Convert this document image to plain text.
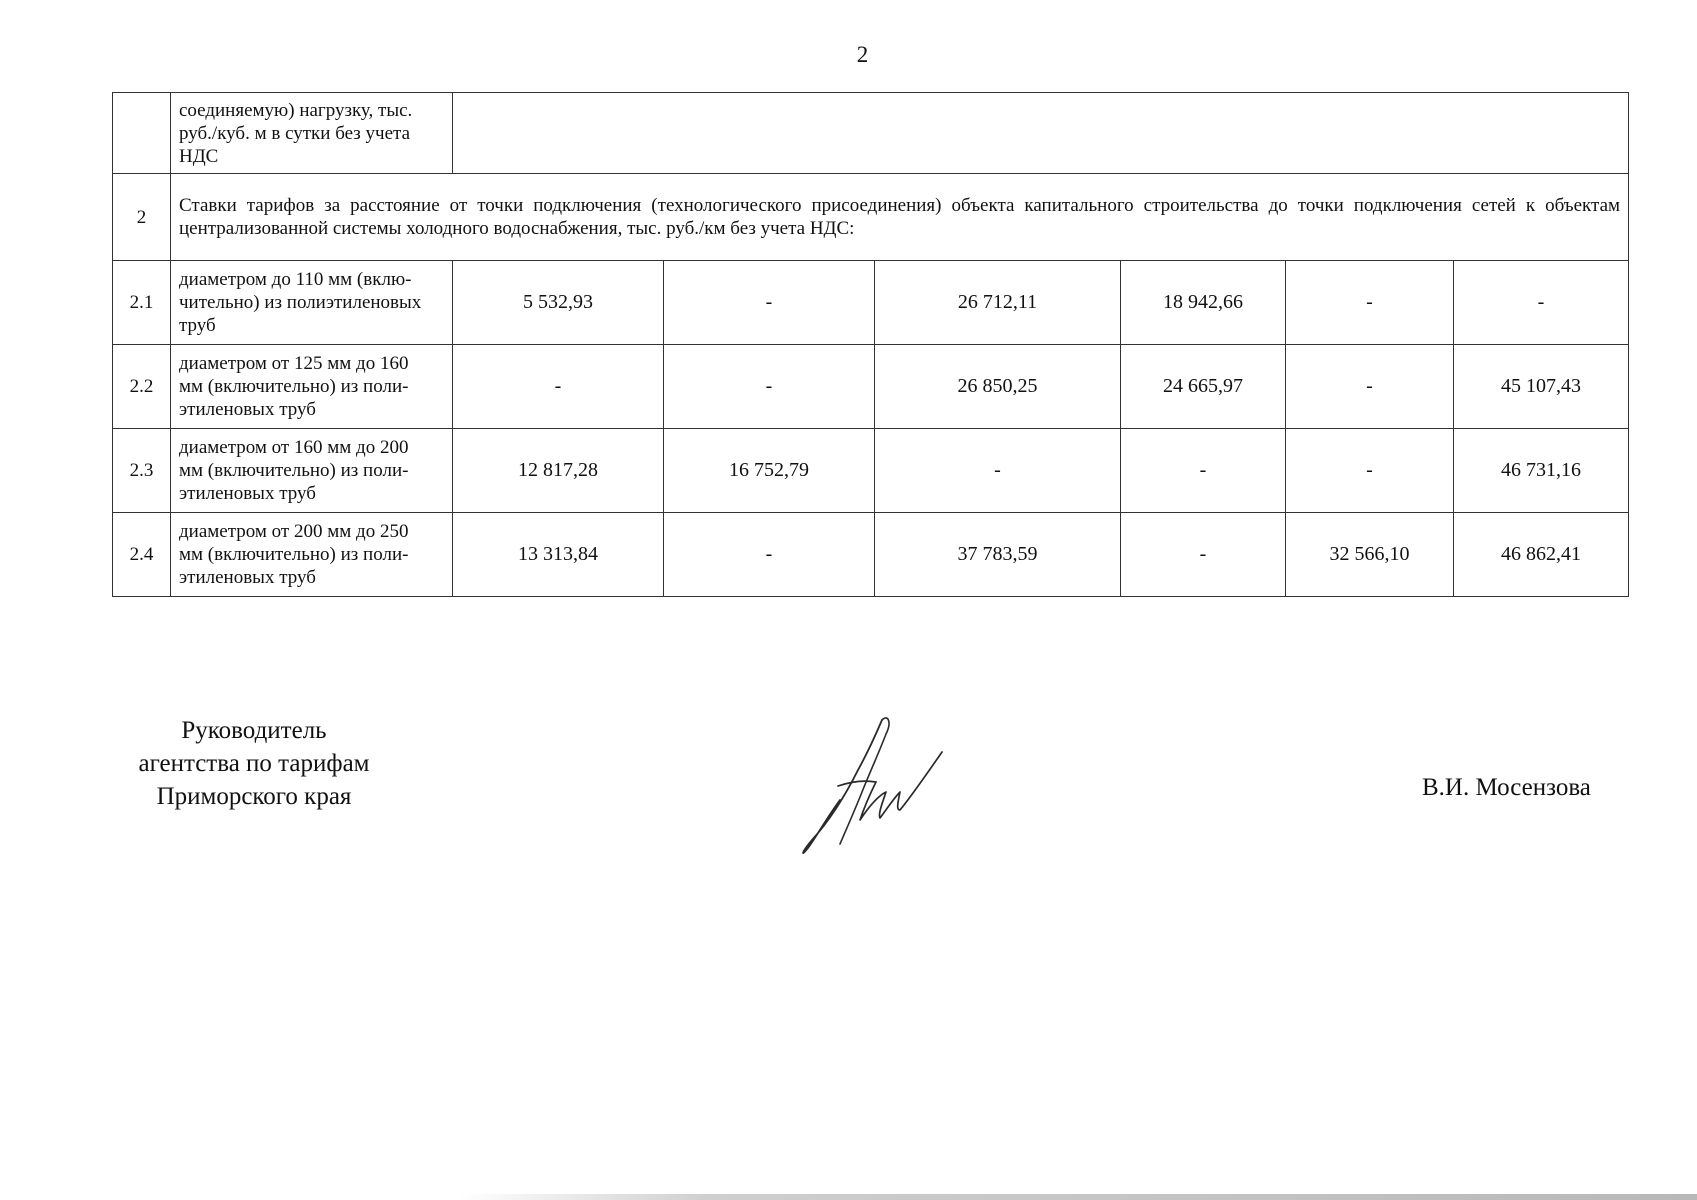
2

	соединяемую) нагрузку, тыс.
руб./куб. м в сутки без учета
НДС						

2	Ставки тарифов за расстояние от точки подключения (технологического присоединения) объекта капитального строительства до точки подключения сетей к объектам централизованной системы холодного водоснабжения, тыс. руб./км без учета НДС:						
2.1	диаметром до 110 мм (вклю-
чительно) из полиэтиленовых
труб	5 532,93	-	26 712,11	18 942,66	-	-
2.2	диаметром от 125 мм до 160
мм (включительно) из поли-
этиленовых труб	-	-	26 850,25	24 665,97	-	45 107,43
2.3	диаметром от 160 мм до 200
мм (включительно) из поли-
этиленовых труб	12 817,28	16 752,79	-	-	-	46 731,16
2.4	диаметром от 200 мм до 250
мм (включительно) из поли-
этиленовых труб	13 313,84	-	37 783,59	-	32 566,10	46 862,41
Руководитель
агентства по тарифам
Приморского края	В.И. Мосензова
